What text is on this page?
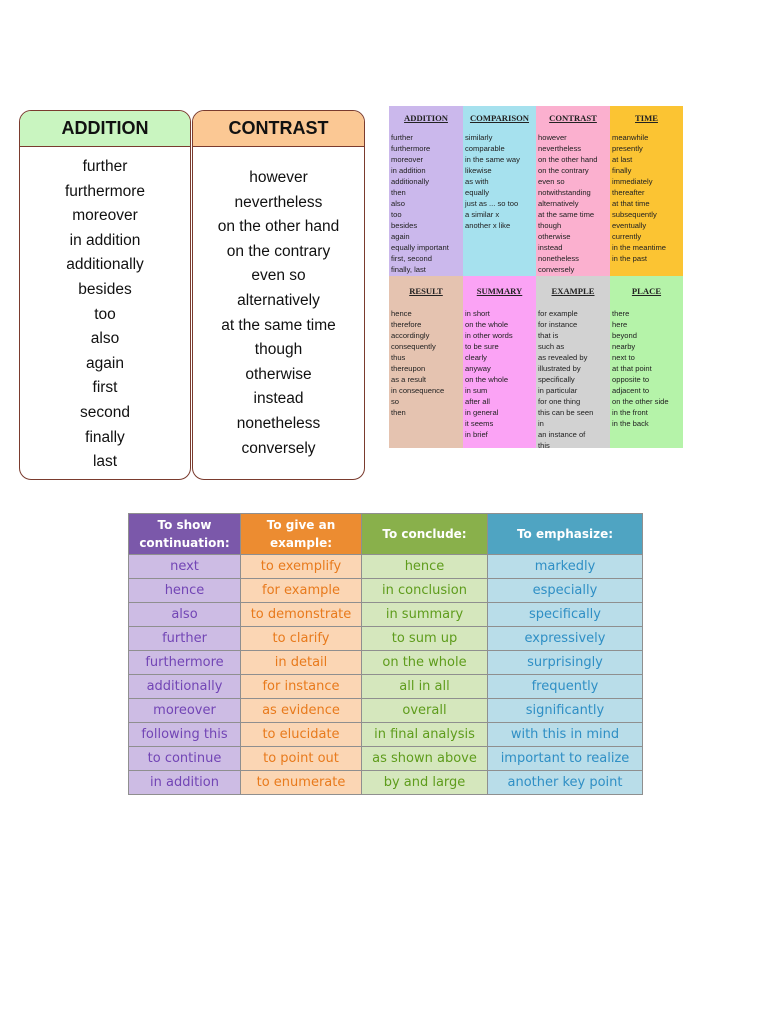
ADDITION
further
furthermore
moreover
in addition
additionally
besides
too
also
again
first
second
finally
last
CONTRAST
however
nevertheless
on the other hand
on the contrary
even so
alternatively
at the same time
though
otherwise
instead
nonetheless
conversely
ADDITION
further
furthermore
moreover
in addition
additionally
then
also
too
besides
again
equally important
first, second
finally, last
COMPARISON
similarly
comparable
in the same way
likewise
as with
equally
just as ... so too
a similar x
another x like
CONTRAST
however
nevertheless
on the other hand
on the contrary
even so
notwithstanding
alternatively
at the same time
though
otherwise
instead
nonetheless
conversely
TIME
meanwhile
presently
at last
finally
immediately
thereafter
at that time
subsequently
eventually
currently
in the meantime
in the past
RESULT
hence
therefore
accordingly
consequently
thus
thereupon
as a result
in consequence
so
then
SUMMARY
in short
on the whole
in other words
to be sure
clearly
anyway
on the whole
in sum
after all
in general
it seems
in brief
EXAMPLE
for example
for instance
that is
such as
as revealed by
illustrated by
specifically
in particular
for one thing
this can be seen
in
an instance of
this
PLACE
there
here
beyond
nearby
next to
at that point
opposite to
adjacent to
on the other side
in the front
in the back
To show
continuation:	To give an
example:	To conclude:	To emphasize:
next	to exemplify	hence	markedly
hence	for example	in conclusion	especially
also	to demonstrate	in summary	specifically
further	to clarify	to sum up	expressively
furthermore	in detail	on the whole	surprisingly
additionally	for instance	all in all	frequently
moreover	as evidence	overall	significantly
following this	to elucidate	in final analysis	with this in mind
to continue	to point out	as shown above	important to realize
in addition	to enumerate	by and large	another key point
